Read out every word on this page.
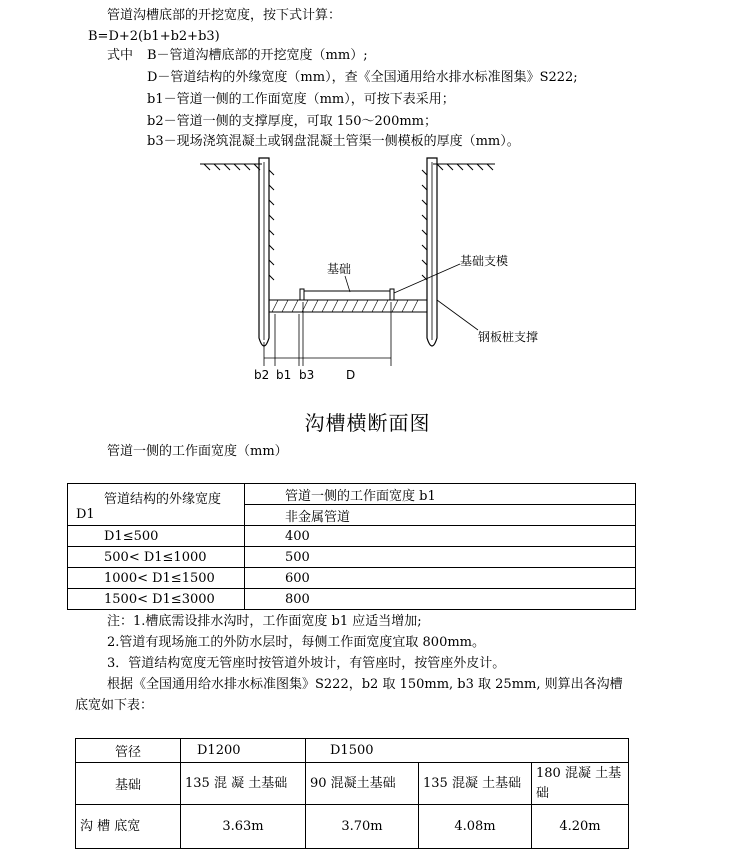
管道沟槽底部的开挖宽度，按下式计算：
B=D+2(b1+b2+b3)
式中 B－管道沟槽底部的开挖宽度（mm）;
D－管道结构的外缘宽度（mm），查《全国通用给水排水标准图集》S222;
b1－管道一侧的工作面宽度（mm），可按下表采用；
b2－管道一侧的支撑厚度，可取 150～200mm；
b3－现场浇筑混凝土或钢盘混凝土管渠一侧模板的厚度（mm）。
基础
基础支模
钢板桩支撑
b2 b1 b3	D
沟槽横断面图
管道一侧的工作面宽度（mm）
管道结构的外缘宽度
D1	管道一侧的工作面宽度 b1
	非金属管道
D1≤500	400
500< D1≤1000	500
1000< D1≤1500	600
1500< D1≤3000	800
注：1.槽底需设排水沟时，工作面宽度 b1 应适当增加;
2.管道有现场施工的外防水层时，每侧工作面宽度宜取 800mm。
3．管道结构宽度无管座时按管道外坡计，有管座时，按管座外皮计。
根据《全国通用给水排水标准图集》S222，b2 取 150mm, b3 取 25mm, 则算出各沟槽
底宽如下表：
管径	D1200	D1500		
基础	135 混 凝 土基础	90 混凝土基础	135 混凝 土基础	180 混凝 土基础
沟 槽 底宽	3.63m	3.70m	4.08m	4.20m
